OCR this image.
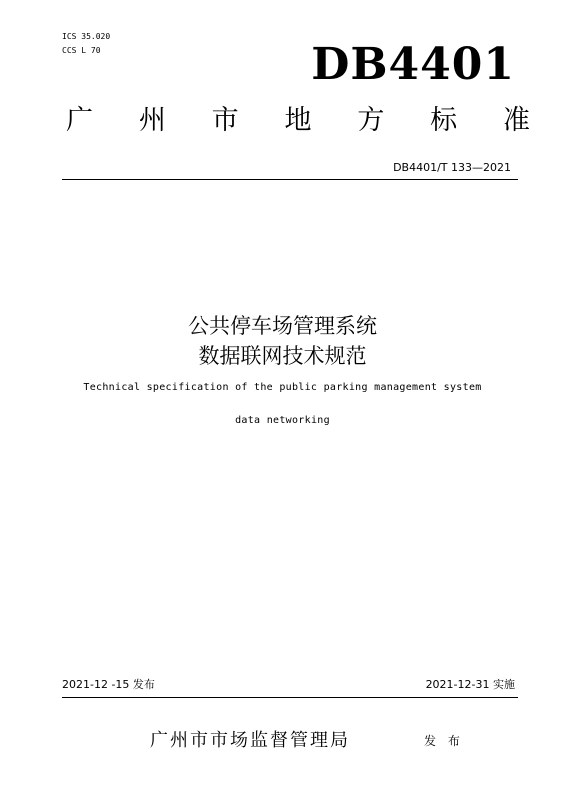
ICS 35.020
CCS L 70	DB4401
广 州 市 地 方 标 准
DB4401/T 133—2021
公共停车场管理系统
数据联网技术规范
Technical specification of the public parking management system
data networking
2021-12 -15 发布	2021-12-31 实施
广州市市场监督管理局	发 布
